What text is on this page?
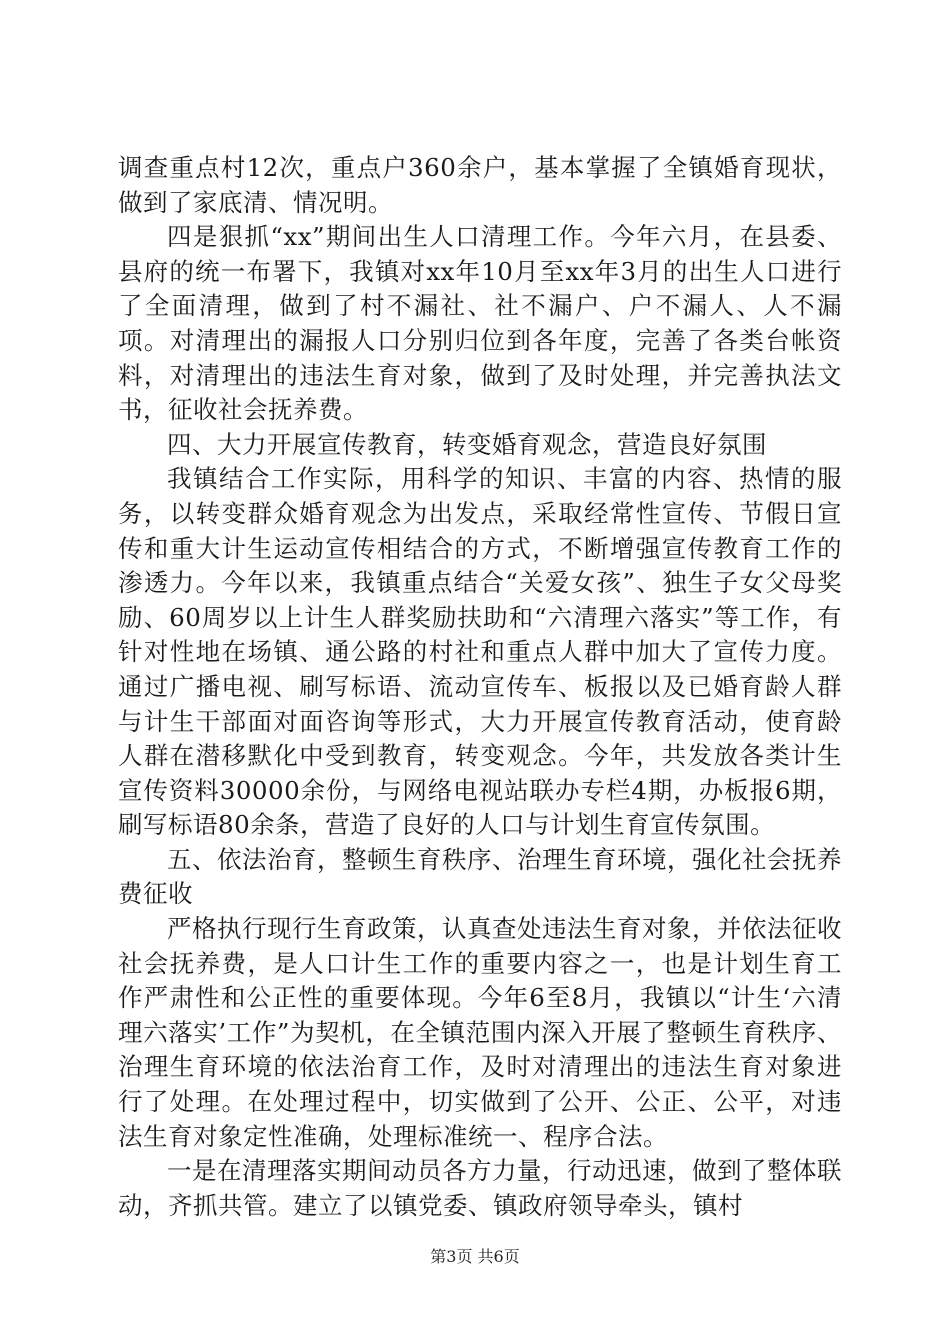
调查重点村12次，重点户360余户，基本掌握了全镇婚育现状，做到了家底清、情况明。

四是狠抓“xx”期间出生人口清理工作。今年六月，在县委、县府的统一布署下，我镇对xx年10月至xx年3月的出生人口进行了全面清理，做到了村不漏社、社不漏户、户不漏人、人不漏项。对清理出的漏报人口分别归位到各年度，完善了各类台帐资料，对清理出的违法生育对象，做到了及时处理，并完善执法文书，征收社会抚养费。

四、大力开展宣传教育，转变婚育观念，营造良好氛围

我镇结合工作实际，用科学的知识、丰富的内容、热情的服务，以转变群众婚育观念为出发点，采取经常性宣传、节假日宣传和重大计生运动宣传相结合的方式，不断增强宣传教育工作的渗透力。今年以来，我镇重点结合“关爱女孩”、独生子女父母奖励、60周岁以上计生人群奖励扶助和“六清理六落实”等工作，有针对性地在场镇、通公路的村社和重点人群中加大了宣传力度。通过广播电视、刷写标语、流动宣传车、板报以及已婚育龄人群与计生干部面对面咨询等形式，大力开展宣传教育活动，使育龄人群在潜移默化中受到教育，转变观念。今年，共发放各类计生宣传资料30000余份，与网络电视站联办专栏4期，办板报6期，刷写标语80余条，营造了良好的人口与计划生育宣传氛围。

五、依法治育，整顿生育秩序、治理生育环境，强化社会抚养费征收

严格执行现行生育政策，认真查处违法生育对象，并依法征收社会抚养费，是人口计生工作的重要内容之一，也是计划生育工作严肃性和公正性的重要体现。今年6至8月，我镇以“计生‘六清理六落实’工作”为契机，在全镇范围内深入开展了整顿生育秩序、治理生育环境的依法治育工作，及时对清理出的违法生育对象进行了处理。在处理过程中，切实做到了公开、公正、公平，对违法生育对象定性准确，处理标准统一、程序合法。

一是在清理落实期间动员各方力量，行动迅速，做到了整体联动，齐抓共管。建立了以镇党委、镇政府领导牵头，镇村

第3页 共6页
